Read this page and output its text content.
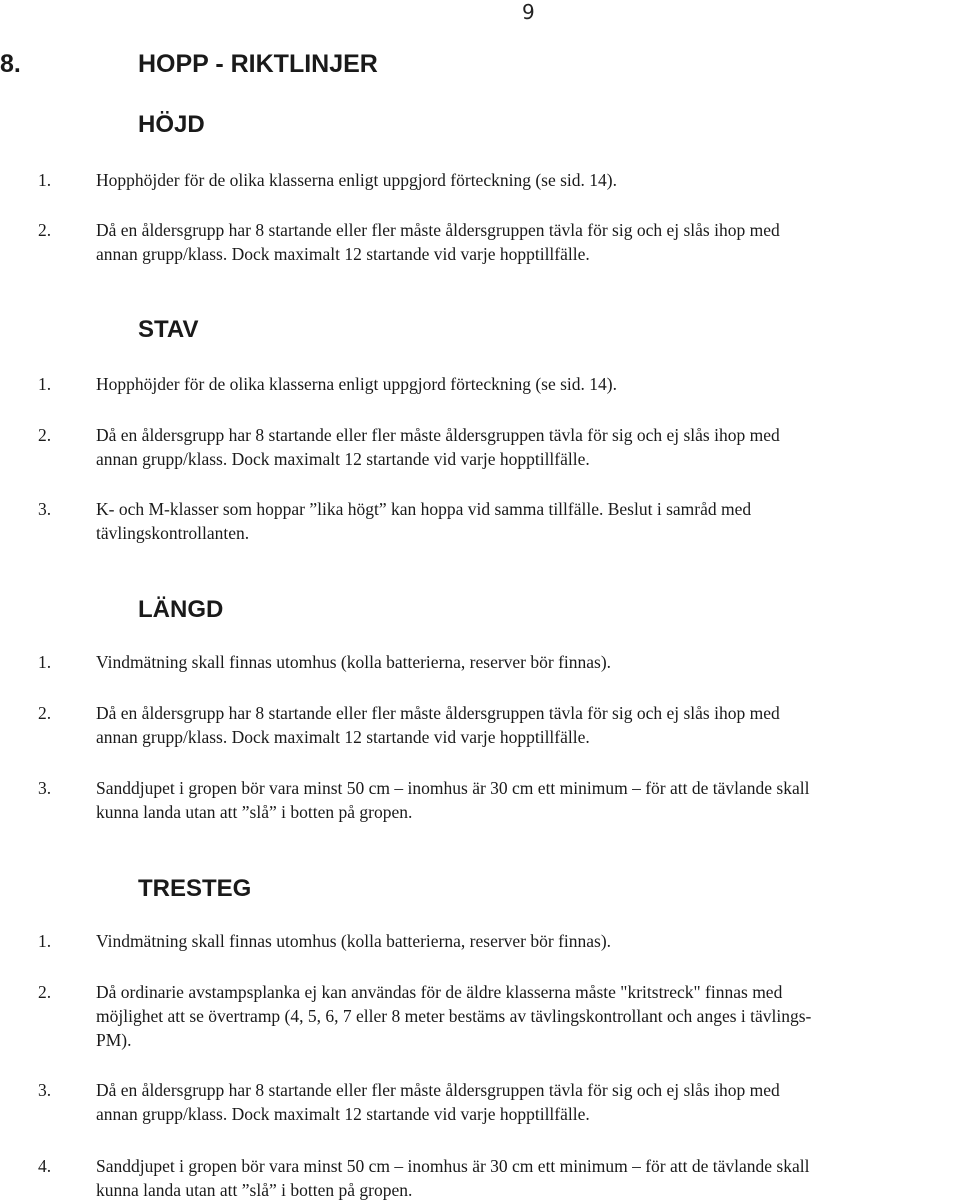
9
8.	HOPP - RIKTLINJER
HÖJD
1.	Hopphöjder för de olika klasserna enligt uppgjord förteckning (se sid. 14).
2.	Då en åldersgrupp har 8 startande eller fler måste åldersgruppen tävla för sig och ej slås ihop med
annan grupp/klass. Dock maximalt 12 startande vid varje hopptillfälle.
STAV
1.	Hopphöjder för de olika klasserna enligt uppgjord förteckning (se sid. 14).
2.	Då en åldersgrupp har 8 startande eller fler måste åldersgruppen tävla för sig och ej slås ihop med
annan grupp/klass. Dock maximalt 12 startande vid varje hopptillfälle.
3.	K- och M-klasser som hoppar ”lika högt” kan hoppa vid samma tillfälle. Beslut i samråd med
tävlingskontrollanten.
LÄNGD
1.	Vindmätning skall finnas utomhus (kolla batterierna, reserver bör finnas).
2.	Då en åldersgrupp har 8 startande eller fler måste åldersgruppen tävla för sig och ej slås ihop med
annan grupp/klass. Dock maximalt 12 startande vid varje hopptillfälle.
3.	Sanddjupet i gropen bör vara minst 50 cm – inomhus är 30 cm ett minimum – för att de tävlande skall
kunna landa utan att ”slå” i botten på gropen.
TRESTEG
1.	Vindmätning skall finnas utomhus (kolla batterierna, reserver bör finnas).
2.	Då ordinarie avstampsplanka ej kan användas för de äldre klasserna måste "kritstreck" finnas med
möjlighet att se övertramp (4, 5, 6, 7 eller 8 meter bestäms av tävlingskontrollant och anges i tävlings-
PM).
3.	Då en åldersgrupp har 8 startande eller fler måste åldersgruppen tävla för sig och ej slås ihop med
annan grupp/klass. Dock maximalt 12 startande vid varje hopptillfälle.
4.	Sanddjupet i gropen bör vara minst 50 cm – inomhus är 30 cm ett minimum – för att de tävlande skall
kunna landa utan att ”slå” i botten på gropen.
